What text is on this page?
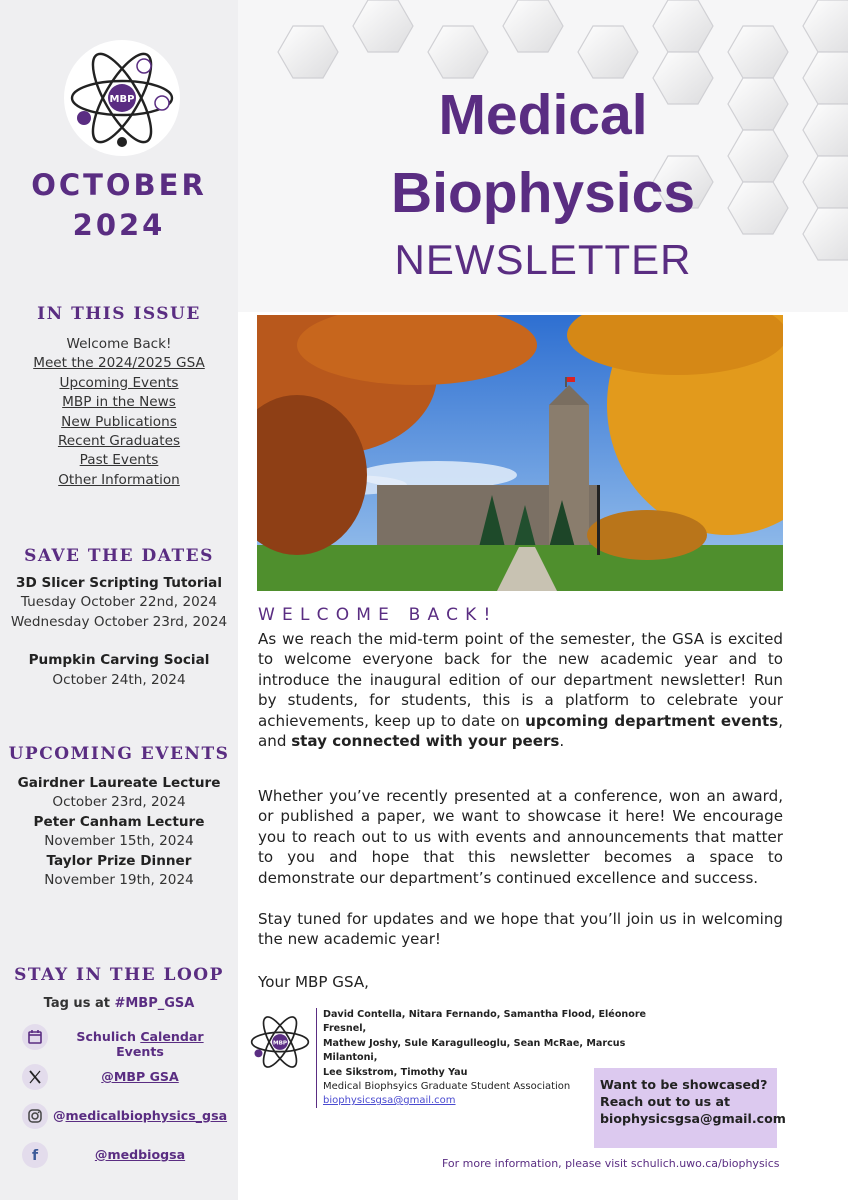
MBP
OCTOBER
2024
IN THIS ISSUE
Welcome Back!
Meet the 2024/2025 GSA
Upcoming Events
MBP in the News
New Publications
Recent Graduates
Past Events
Other Information
SAVE THE DATES
3D Slicer Scripting Tutorial
Tuesday October 22nd, 2024
Wednesday October 23rd, 2024
Pumpkin Carving Social
October 24th, 2024
UPCOMING EVENTS
Gairdner Laureate Lecture
October 23rd, 2024
Peter Canham Lecture
November 15th, 2024
Taylor Prize Dinner
November 19th, 2024
STAY IN THE LOOP
Tag us at #MBP_GSA
Schulich Calendar Events
@MBP GSA
@medicalbiophysics_gsa
f	@medbiogsa
Medical
Biophysics
NEWSLETTER
WELCOME BACK!
As we reach the mid-term point of the semester, the GSA is excited to welcome everyone back for the new academic year and to introduce the inaugural edition of our department newsletter! Run by students, for students, this is a platform to celebrate your achievements, keep up to date on upcoming department events, and stay connected with your peers.
Whether you’ve recently presented at a conference, won an award, or published a paper, we want to showcase it here! We encourage you to reach out to us with events and announcements that matter to you and hope that this newsletter becomes a space to demonstrate our department’s continued excellence and success.
Stay tuned for updates and we hope that you’ll join us in welcoming the new academic year!
Your MBP GSA,
MBP
David Contella, Nitara Fernando, Samantha Flood, Eléonore Fresnel,
Mathew Joshy, Sule Karagulleoglu, Sean McRae, Marcus Milantoni,
Lee Sikstrom, Timothy Yau
Medical Biophsyics Graduate Student Association
biophysicsgsa@gmail.com
Want to be showcased?
Reach out to us at
biophysicsgsa@gmail.com
For more information, please visit schulich.uwo.ca/biophysics
